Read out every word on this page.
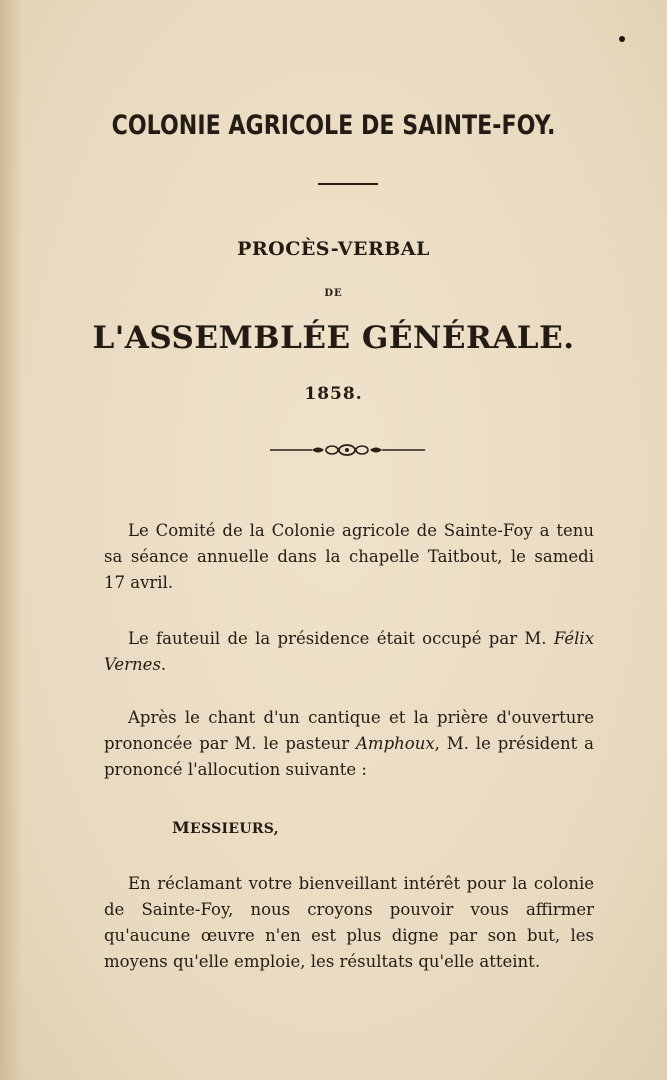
COLONIE AGRICOLE DE SAINTE-FOY.
PROCÈS-VERBAL
DE
L'ASSEMBLÉE GÉNÉRALE.
1858.
Le Comité de la Colonie agricole de Sainte-Foy a tenu sa séance annuelle dans la chapelle Taitbout, le samedi 17 avril.
Le fauteuil de la présidence était occupé par M. Félix Vernes.
Après le chant d'un cantique et la prière d'ouverture prononcée par M. le pasteur Amphoux, M. le président a prononcé l'allocution suivante :
MESSIEURS,
En réclamant votre bienveillant intérêt pour la colonie de Sainte-Foy, nous croyons pouvoir vous affirmer qu'aucune œuvre n'en est plus digne par son but, les moyens qu'elle emploie, les résultats qu'elle atteint.
